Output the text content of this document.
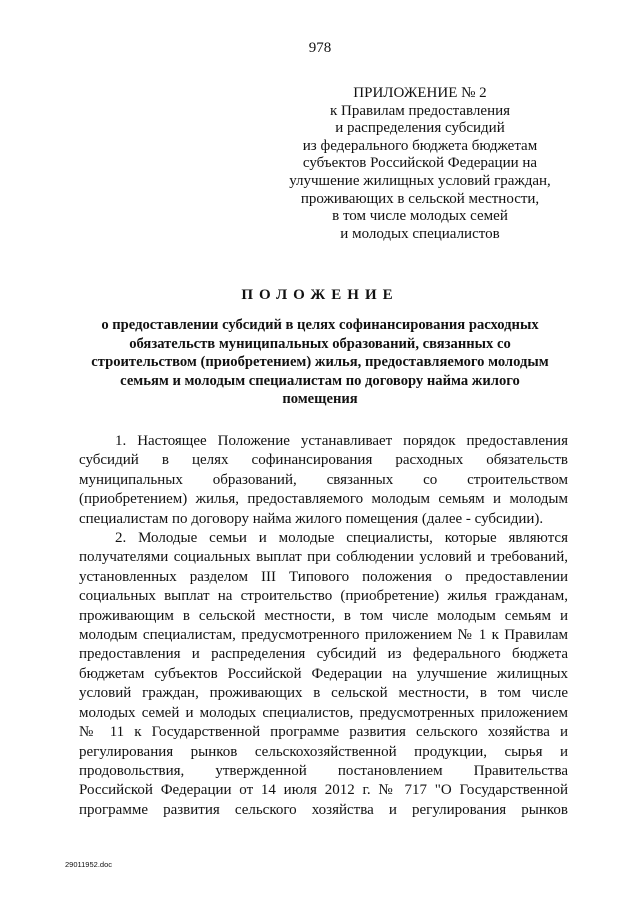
978
ПРИЛОЖЕНИЕ № 2
к Правилам предоставления
и распределения субсидий
из федерального бюджета бюджетам
субъектов Российской Федерации на
улучшение жилищных условий граждан,
проживающих в сельской местности,
в том числе молодых семей
и молодых специалистов
ПОЛОЖЕНИЕ
о предоставлении субсидий в целях софинансирования расходных
обязательств муниципальных образований, связанных со
строительством (приобретением) жилья, предоставляемого молодым
семьям и молодым специалистам по договору найма жилого
помещения
1. Настоящее Положение устанавливает порядок предоставления
субсидий в целях софинансирования расходных обязательств
муниципальных образований, связанных со строительством
(приобретением) жилья, предоставляемого молодым семьям и молодым
специалистам по договору найма жилого помещения (далее - субсидии).
2. Молодые семьи и молодые специалисты, которые являются
получателями социальных выплат при соблюдении условий и требований,
установленных разделом III Типового положения о предоставлении
социальных выплат на строительство (приобретение) жилья гражданам,
проживающим в сельской местности, в том числе молодым семьям и
молодым специалистам, предусмотренного приложением № 1 к Правилам
предоставления и распределения субсидий из федерального бюджета
бюджетам субъектов Российской Федерации на улучшение жилищных
условий граждан, проживающих в сельской местности, в том числе
молодых семей и молодых специалистов, предусмотренных приложением
№ 11 к Государственной программе развития сельского хозяйства и
регулирования рынков сельскохозяйственной продукции, сырья и
продовольствия, утвержденной постановлением Правительства
Российской Федерации от 14 июля 2012 г. № 717 "О Государственной
программе развития сельского хозяйства и регулирования рынков
29011952.doc
